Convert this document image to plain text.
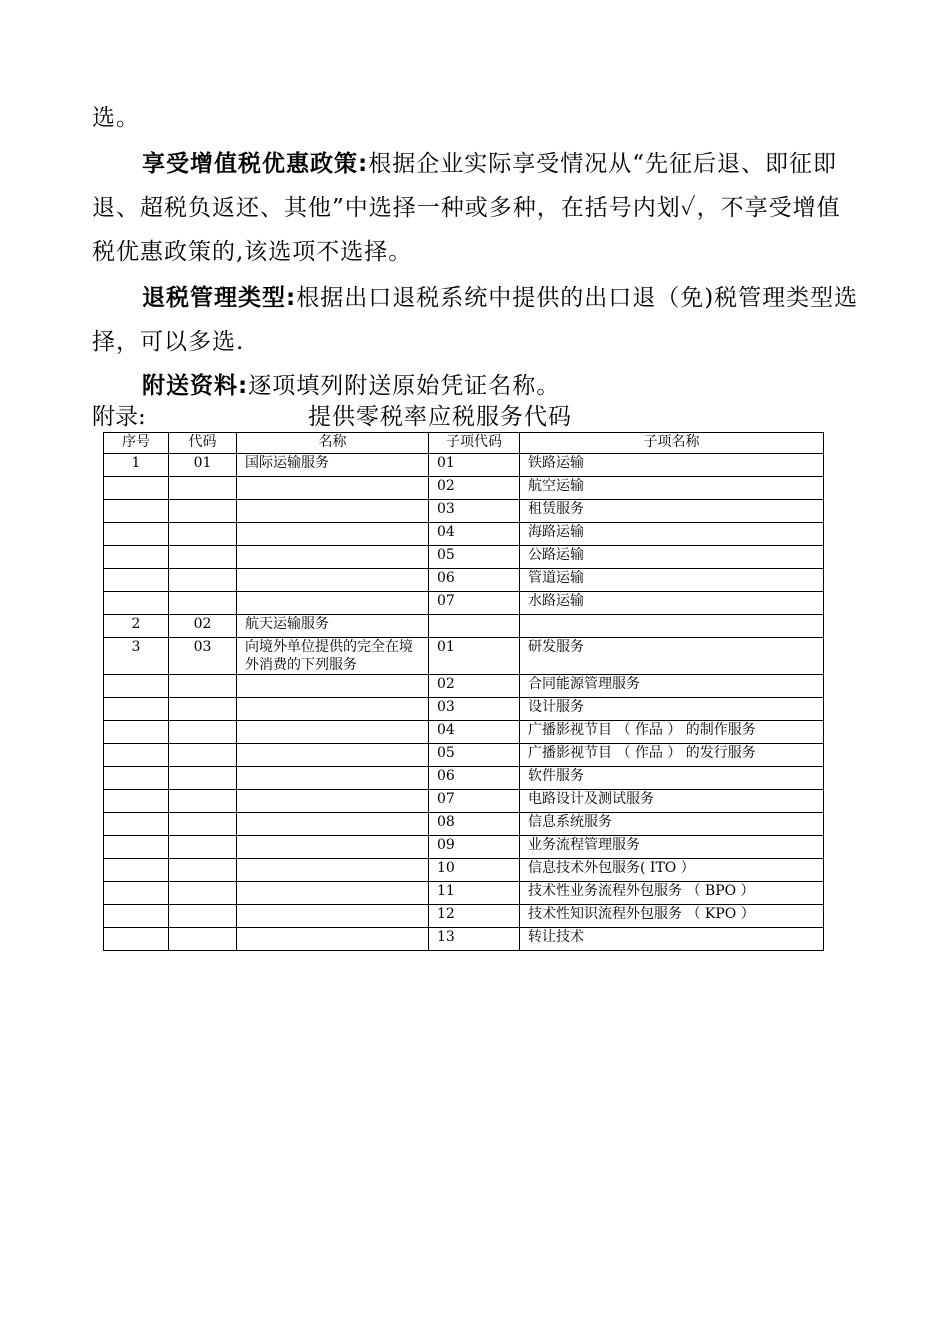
选。

享受增值税优惠政策:根据企业实际享受情况从“先征后退、即征即退、超税负返还、其他”中选择一种或多种，在括号内划✓，不享受增值税优惠政策的,该选项不选择。

退税管理类型:根据出口退税系统中提供的出口退（免)税管理类型选择，可以多选.

附送资料:逐项填列附送原始凭证名称。

附录:	提供零税率应税服务代码
序号	代码	名称	子项代码	子项名称
1	01	国际运输服务	01	铁路运输
			02	航空运输
			03	租赁服务
			04	海路运输
			05	公路运输
			06	管道运输
			07	水路运输
2	02	航天运输服务		
3	03	向境外单位提供的完全在境外消费的下列服务	01	研发服务
			02	合同能源管理服务
			03	设计服务
			04	广播影视节目 （ 作品 ） 的制作服务
			05	广播影视节目 （ 作品 ） 的发行服务
			06	软件服务
			07	电路设计及测试服务
			08	信息系统服务
			09	业务流程管理服务
			10	信息技术外包服务( ITO ）
			11	技术性业务流程外包服务 （ BPO ）
			12	技术性知识流程外包服务 （ KPO ）
			13	转让技术
